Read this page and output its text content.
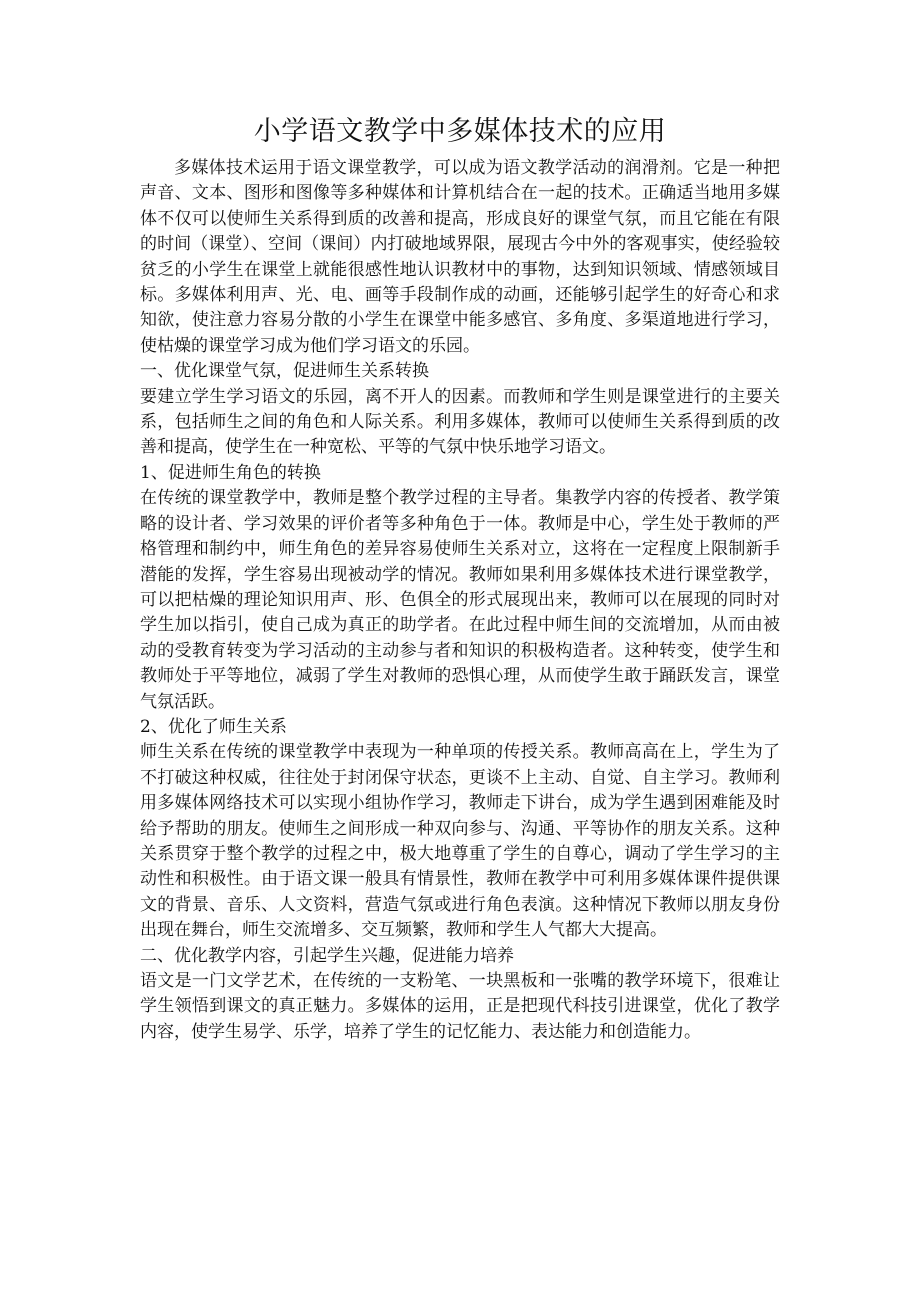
小学语文教学中多媒体技术的应用

多媒体技术运用于语文课堂教学，可以成为语文教学活动的润滑剂。它是一种把声音、文本、图形和图像等多种媒体和计算机结合在一起的技术。正确适当地用多媒体不仅可以使师生关系得到质的改善和提高，形成良好的课堂气氛，而且它能在有限的时间（课堂）、空间（课间）内打破地域界限，展现古今中外的客观事实，使经验较贫乏的小学生在课堂上就能很感性地认识教材中的事物，达到知识领域、情感领域目标。多媒体利用声、光、电、画等手段制作成的动画，还能够引起学生的好奇心和求知欲，使注意力容易分散的小学生在课堂中能多感官、多角度、多渠道地进行学习，使枯燥的课堂学习成为他们学习语文的乐园。

一、优化课堂气氛，促进师生关系转换

要建立学生学习语文的乐园，离不开人的因素。而教师和学生则是课堂进行的主要关系，包括师生之间的角色和人际关系。利用多媒体，教师可以使师生关系得到质的改善和提高，使学生在一种宽松、平等的气氛中快乐地学习语文。

1、促进师生角色的转换

在传统的课堂教学中，教师是整个教学过程的主导者。集教学内容的传授者、教学策略的设计者、学习效果的评价者等多种角色于一体。教师是中心，学生处于教师的严格管理和制约中，师生角色的差异容易使师生关系对立，这将在一定程度上限制新手潜能的发挥，学生容易出现被动学的情况。教师如果利用多媒体技术进行课堂教学，可以把枯燥的理论知识用声、形、色俱全的形式展现出来，教师可以在展现的同时对学生加以指引，使自己成为真正的助学者。在此过程中师生间的交流增加，从而由被动的受教育转变为学习活动的主动参与者和知识的积极构造者。这种转变，使学生和教师处于平等地位，减弱了学生对教师的恐惧心理，从而使学生敢于踊跃发言，课堂气氛活跃。

2、优化了师生关系

师生关系在传统的课堂教学中表现为一种单项的传授关系。教师高高在上，学生为了不打破这种权威，往往处于封闭保守状态，更谈不上主动、自觉、自主学习。教师利用多媒体网络技术可以实现小组协作学习，教师走下讲台，成为学生遇到困难能及时给予帮助的朋友。使师生之间形成一种双向参与、沟通、平等协作的朋友关系。这种关系贯穿于整个教学的过程之中，极大地尊重了学生的自尊心，调动了学生学习的主动性和积极性。由于语文课一般具有情景性，教师在教学中可利用多媒体课件提供课文的背景、音乐、人文资料，营造气氛或进行角色表演。这种情况下教师以朋友身份出现在舞台，师生交流增多、交互频繁，教师和学生人气都大大提高。

二、优化教学内容，引起学生兴趣，促进能力培养

语文是一门文学艺术，在传统的一支粉笔、一块黑板和一张嘴的教学环境下，很难让学生领悟到课文的真正魅力。多媒体的运用，正是把现代科技引进课堂，优化了教学内容，使学生易学、乐学，培养了学生的记忆能力、表达能力和创造能力。
